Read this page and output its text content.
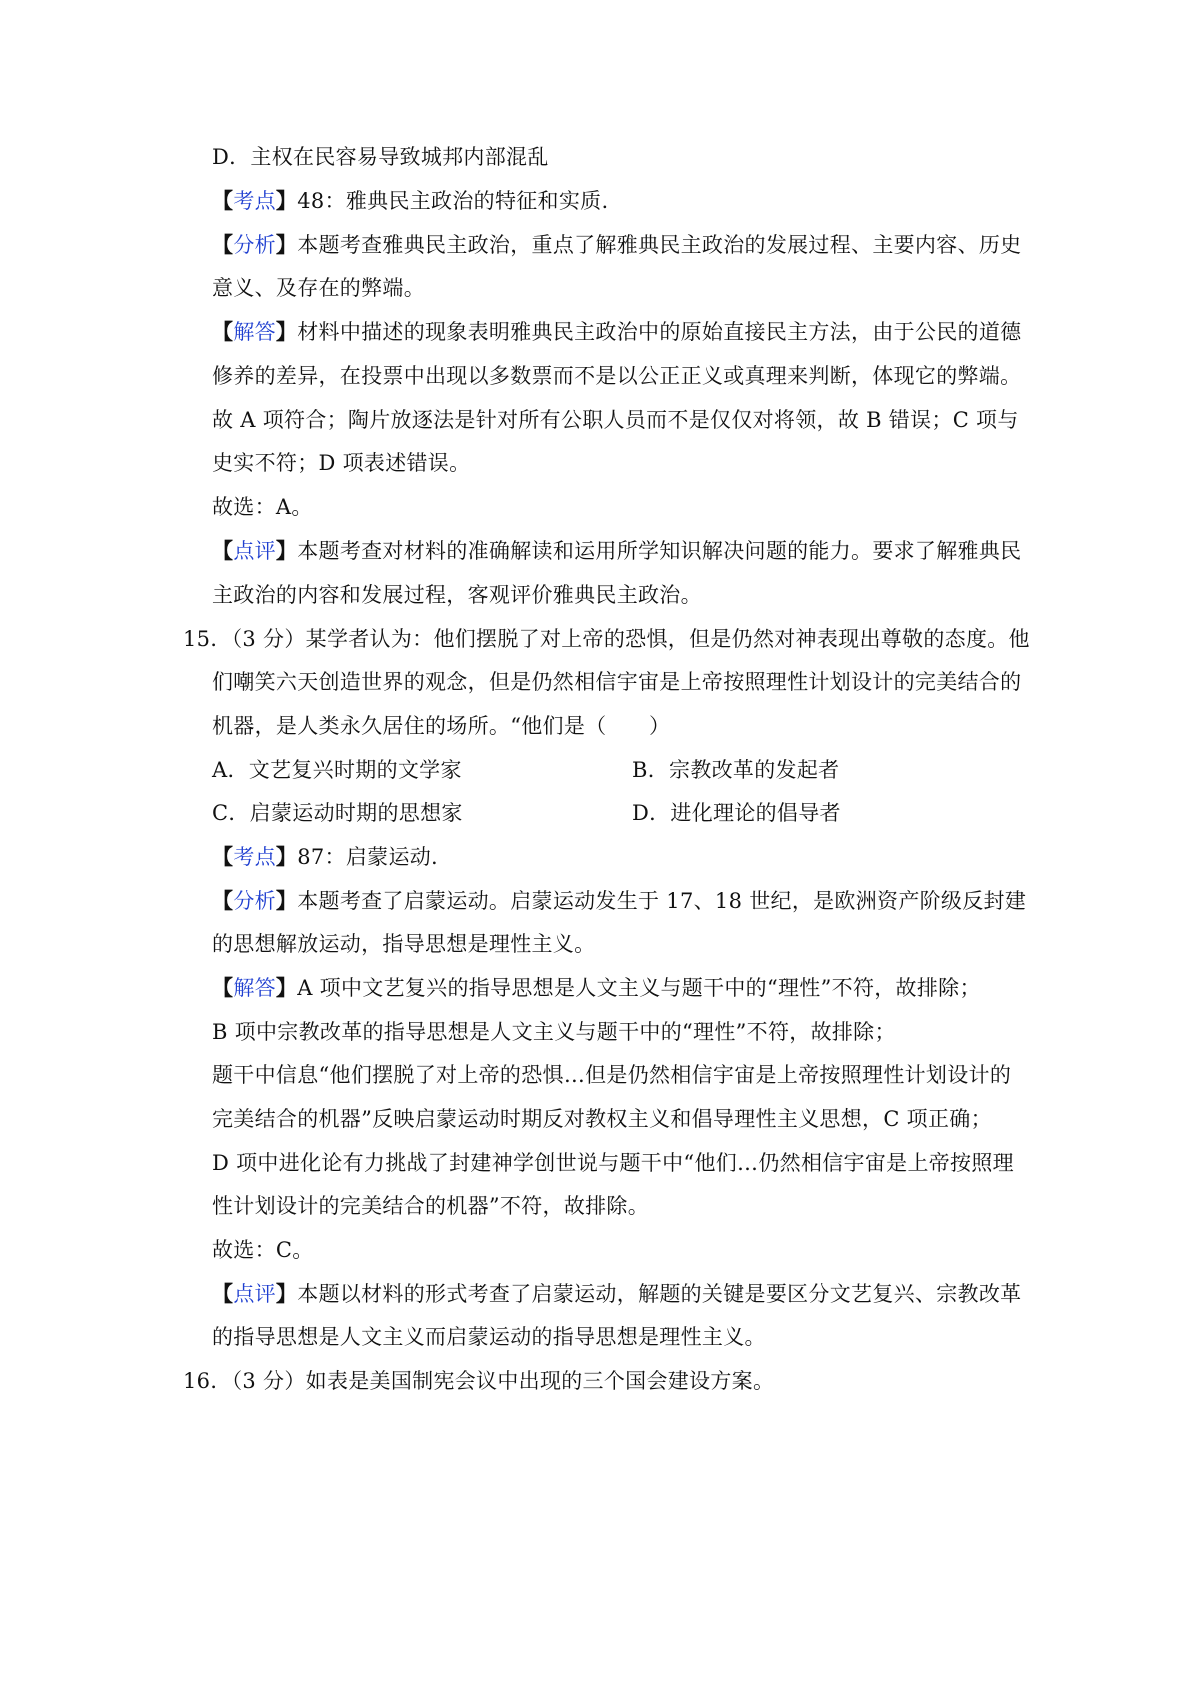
D．主权在民容易导致城邦内部混乱
【考点】48：雅典民主政治的特征和实质.
【分析】本题考查雅典民主政治，重点了解雅典民主政治的发展过程、主要内容、历史
意义、及存在的弊端。
【解答】材料中描述的现象表明雅典民主政治中的原始直接民主方法，由于公民的道德
修养的差异，在投票中出现以多数票而不是以公正正义或真理来判断，体现它的弊端。
故 A 项符合；陶片放逐法是针对所有公职人员而不是仅仅对将领，故 B 错误；C 项与
史实不符；D 项表述错误。
故选：A。
【点评】本题考查对材料的准确解读和运用所学知识解决问题的能力。要求了解雅典民
主政治的内容和发展过程，客观评价雅典民主政治。
15．（3 分）某学者认为：他们摆脱了对上帝的恐惧，但是仍然对神表现出尊敬的态度。他
们嘲笑六天创造世界的观念，但是仍然相信宇宙是上帝按照理性计划设计的完美结合的
机器，是人类永久居住的场所。“他们是（　　）
A．文艺复兴时期的文学家	B．宗教改革的发起者
C．启蒙运动时期的思想家	D．进化理论的倡导者
【考点】87：启蒙运动.
【分析】本题考查了启蒙运动。启蒙运动发生于 17、18 世纪，是欧洲资产阶级反封建
的思想解放运动，指导思想是理性主义。
【解答】A 项中文艺复兴的指导思想是人文主义与题干中的“理性”不符，故排除；
B 项中宗教改革的指导思想是人文主义与题干中的“理性”不符，故排除；
题干中信息“他们摆脱了对上帝的恐惧…但是仍然相信宇宙是上帝按照理性计划设计的
完美结合的机器”反映启蒙运动时期反对教权主义和倡导理性主义思想，C 项正确；
D 项中进化论有力挑战了封建神学创世说与题干中“他们…仍然相信宇宙是上帝按照理
性计划设计的完美结合的机器”不符，故排除。
故选：C。
【点评】本题以材料的形式考查了启蒙运动，解题的关键是要区分文艺复兴、宗教改革
的指导思想是人文主义而启蒙运动的指导思想是理性主义。
16．（3 分）如表是美国制宪会议中出现的三个国会建设方案。
